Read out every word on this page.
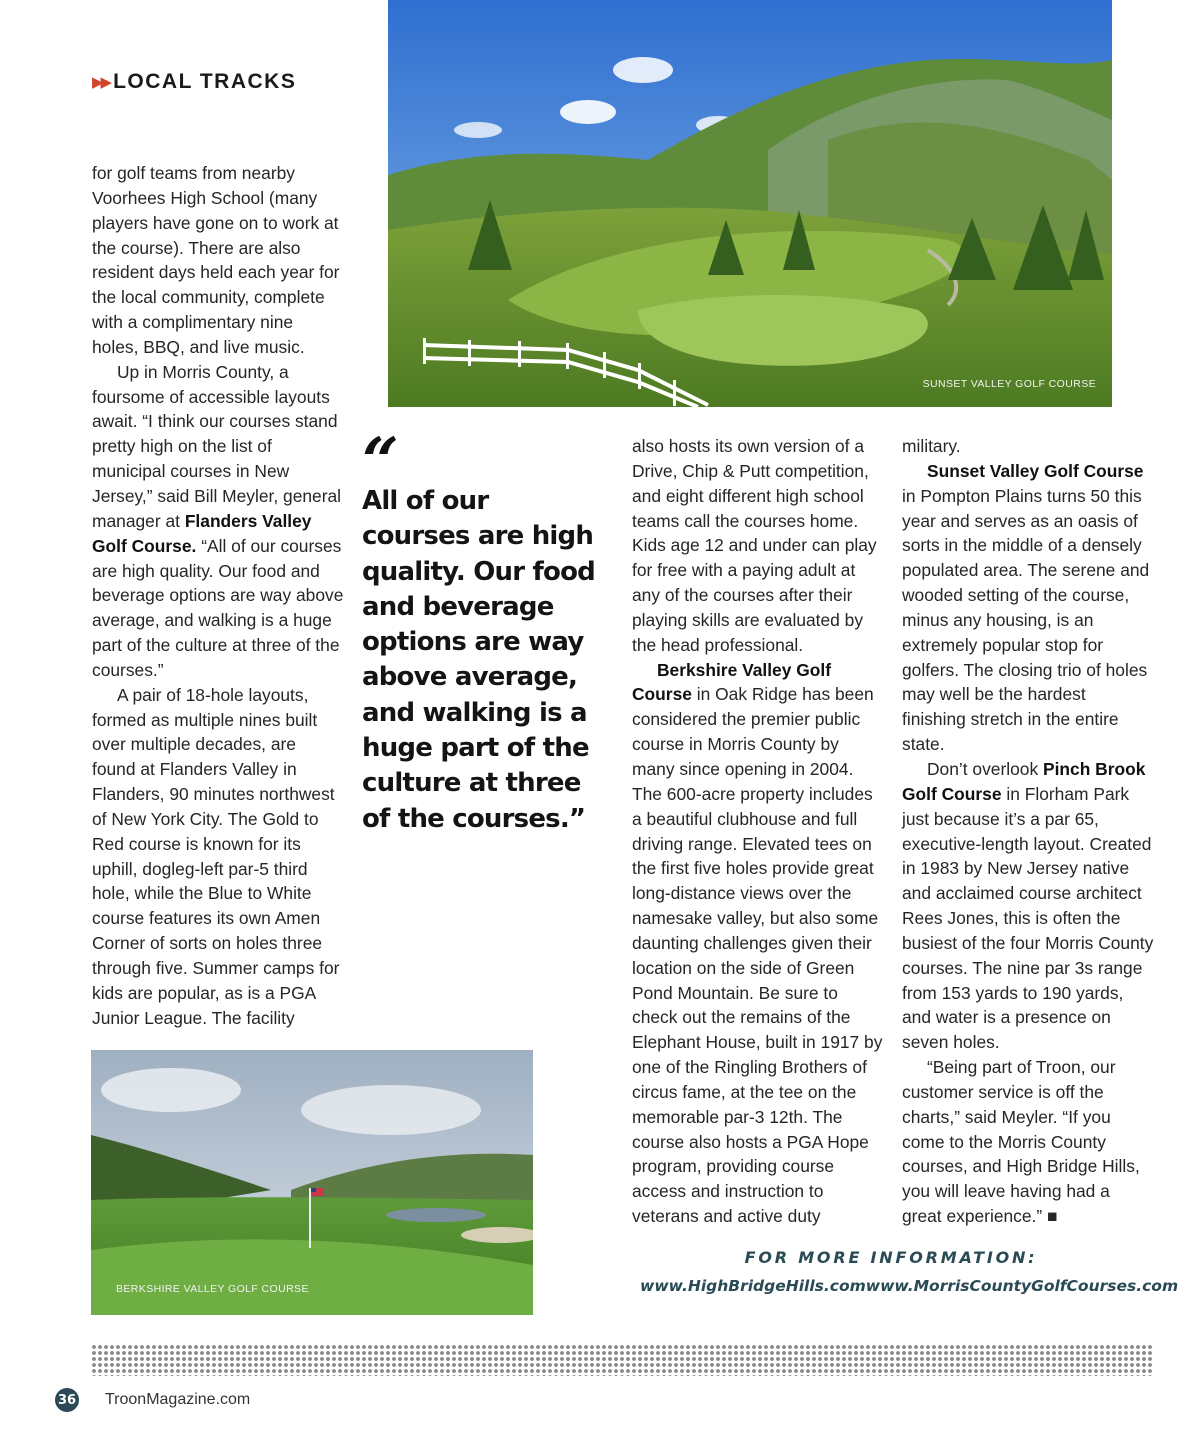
▶▶ LOCAL TRACKS
SUNSET VALLEY GOLF COURSE

for golf teams from nearby Voorhees High School (many players have gone on to work at the course). There are also resident days held each year for the local community, complete with a complimentary nine holes, BBQ, and live music.

Up in Morris County, a foursome of accessible layouts await. “I think our courses stand pretty high on the list of municipal courses in New Jersey,” said Bill Meyler, general manager at Flanders Valley Golf Course. “All of our courses are high quality. Our food and beverage options are way above average, and walking is a huge part of the culture at three of the courses.”

A pair of 18-hole layouts, formed as multiple nines built over multiple decades, are found at Flanders Valley in Flanders, 90 minutes northwest of New York City. The Gold to Red course is known for its uphill, dogleg-left par-5 third hole, while the Blue to White course features its own Amen Corner of sorts on holes three through five. Summer camps for kids are popular, as is a PGA Junior League. The facility

“
All of our courses are high quality. Our food and beverage options are way above average, and walking is a huge part of the culture at three of the courses.”

also hosts its own version of a Drive, Chip & Putt competition, and eight different high school teams call the courses home. Kids age 12 and under can play for free with a paying adult at any of the courses after their playing skills are evaluated by the head professional.

Berkshire Valley Golf Course in Oak Ridge has been considered the premier public course in Morris County by many since opening in 2004. The 600-acre property includes a beautiful clubhouse and full driving range. Elevated tees on the first five holes provide great long-distance views over the namesake valley, but also some daunting challenges given their location on the side of Green Pond Mountain. Be sure to check out the remains of the Elephant House, built in 1917 by one of the Ringling Brothers of circus fame, at the tee on the memorable par-3 12th. The course also hosts a PGA Hope program, providing course access and instruction to veterans and active duty

military.

Sunset Valley Golf Course in Pompton Plains turns 50 this year and serves as an oasis of sorts in the middle of a densely populated area. The serene and wooded setting of the course, minus any housing, is an extremely popular stop for golfers. The closing trio of holes may well be the hardest finishing stretch in the entire state.

Don’t overlook Pinch Brook Golf Course in Florham Park just because it’s a par 65, executive-length layout. Created in 1983 by New Jersey native and acclaimed course architect Rees Jones, this is often the busiest of the four Morris County courses. The nine par 3s range from 153 yards to 190 yards, and water is a presence on seven holes.

“Being part of Troon, our customer service is off the charts,” said Meyler. “If you come to the Morris County courses, and High Bridge Hills, you will leave having had a great experience.” ■

BERKSHIRE VALLEY GOLF COURSE
FOR MORE INFORMATION:
www.HighBridgeHills.com www.MorrisCountyGolfCourses.com
36 TroonMagazine.com
